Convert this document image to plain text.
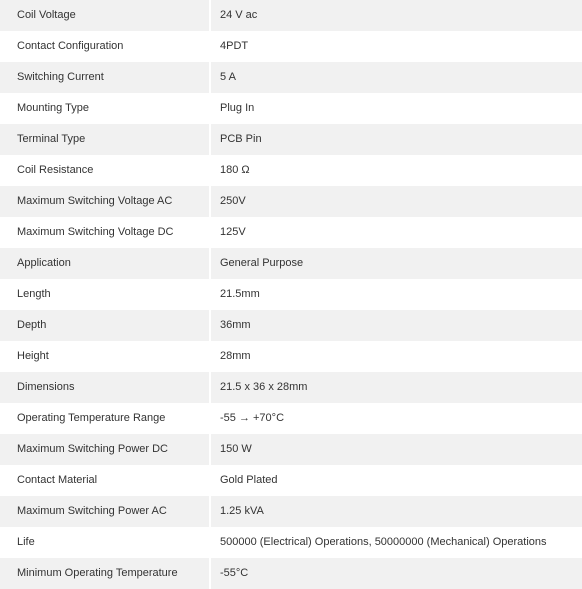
Coil Voltage	24 V ac
Contact Configuration	4PDT
Switching Current	5 A
Mounting Type	Plug In
Terminal Type	PCB Pin
Coil Resistance	180 Ω
Maximum Switching Voltage AC	250V
Maximum Switching Voltage DC	125V
Application	General Purpose
Length	21.5mm
Depth	36mm
Height	28mm
Dimensions	21.5 x 36 x 28mm
Operating Temperature Range	-55 → +70°C
Maximum Switching Power DC	150 W
Contact Material	Gold Plated
Maximum Switching Power AC	1.25 kVA
Life	500000 (Electrical) Operations, 50000000 (Mechanical) Operations
Minimum Operating Temperature	-55°C
